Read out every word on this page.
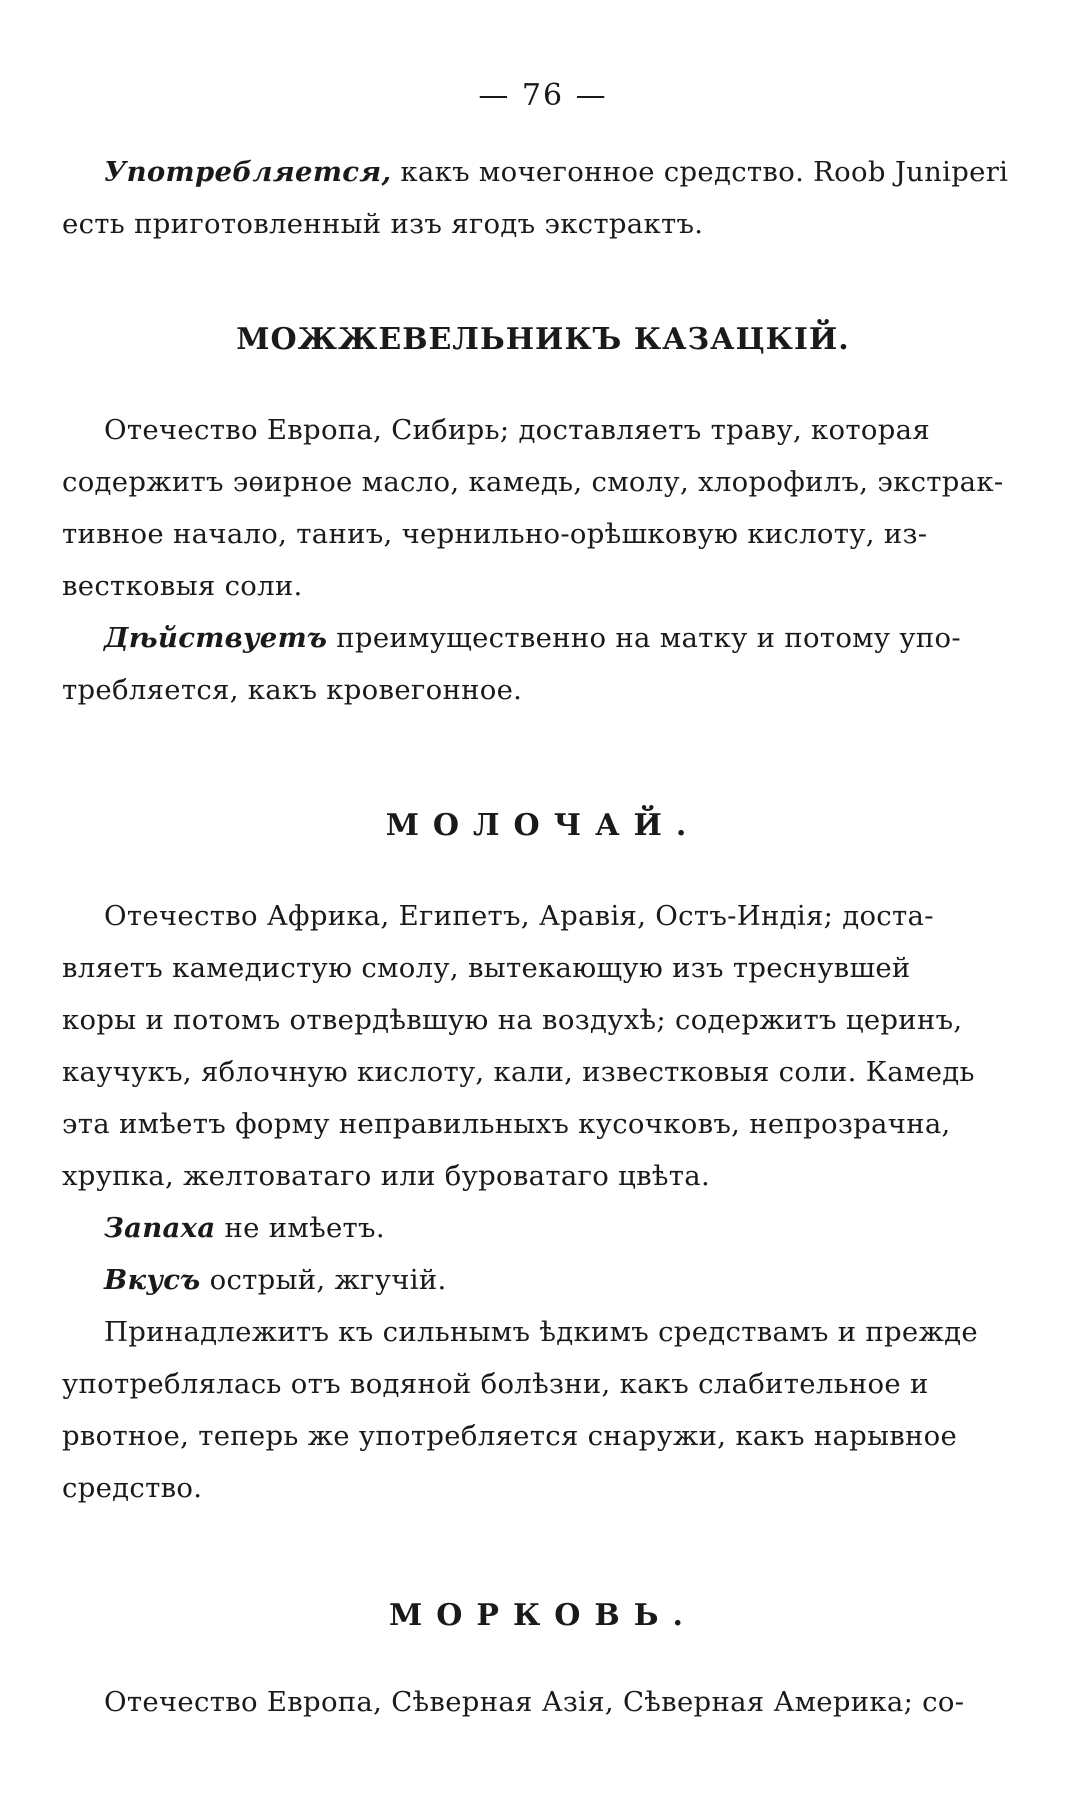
— 76 —

Употребляется, какъ мочегонное средство. Roob Juniperi
есть приготовленный изъ ягодъ экстрактъ.

МОЖЖЕВЕЛЬНИКЪ КАЗАЦКІЙ.

Отечество Европа, Сибирь; доставляетъ траву, которая
содержитъ эѳирное масло, камедь, смолу, хлорофилъ, экстрак-
тивное начало, таниъ, чернильно-орѣшковую кислоту, из-
вестковыя соли.

Дѣйствуетъ преимущественно на матку и потому упо-
требляется, какъ кровегонное.

МОЛОЧАЙ.

Отечество Африка, Египетъ, Аравія, Остъ-Индія; доста-
вляетъ камедистую смолу, вытекающую изъ треснувшей
коры и потомъ отвердѣвшую на воздухѣ; содержитъ церинъ,
каучукъ, яблочную кислоту, кали, известковыя соли. Камедь
эта имѣетъ форму неправильныхъ кусочковъ, непрозрачна,
хрупка, желтоватаго или буроватаго цвѣта.

Запаха не имѣетъ.

Вкусъ острый, жгучій.

Принадлежитъ къ сильнымъ ѣдкимъ средствамъ и прежде
употреблялась отъ водяной болѣзни, какъ слабительное и
рвотное, теперь же употребляется снаружи, какъ нарывное
средство.

МОРКОВЬ.

Отечество Европа, Сѣверная Азія, Сѣверная Америка; со-
